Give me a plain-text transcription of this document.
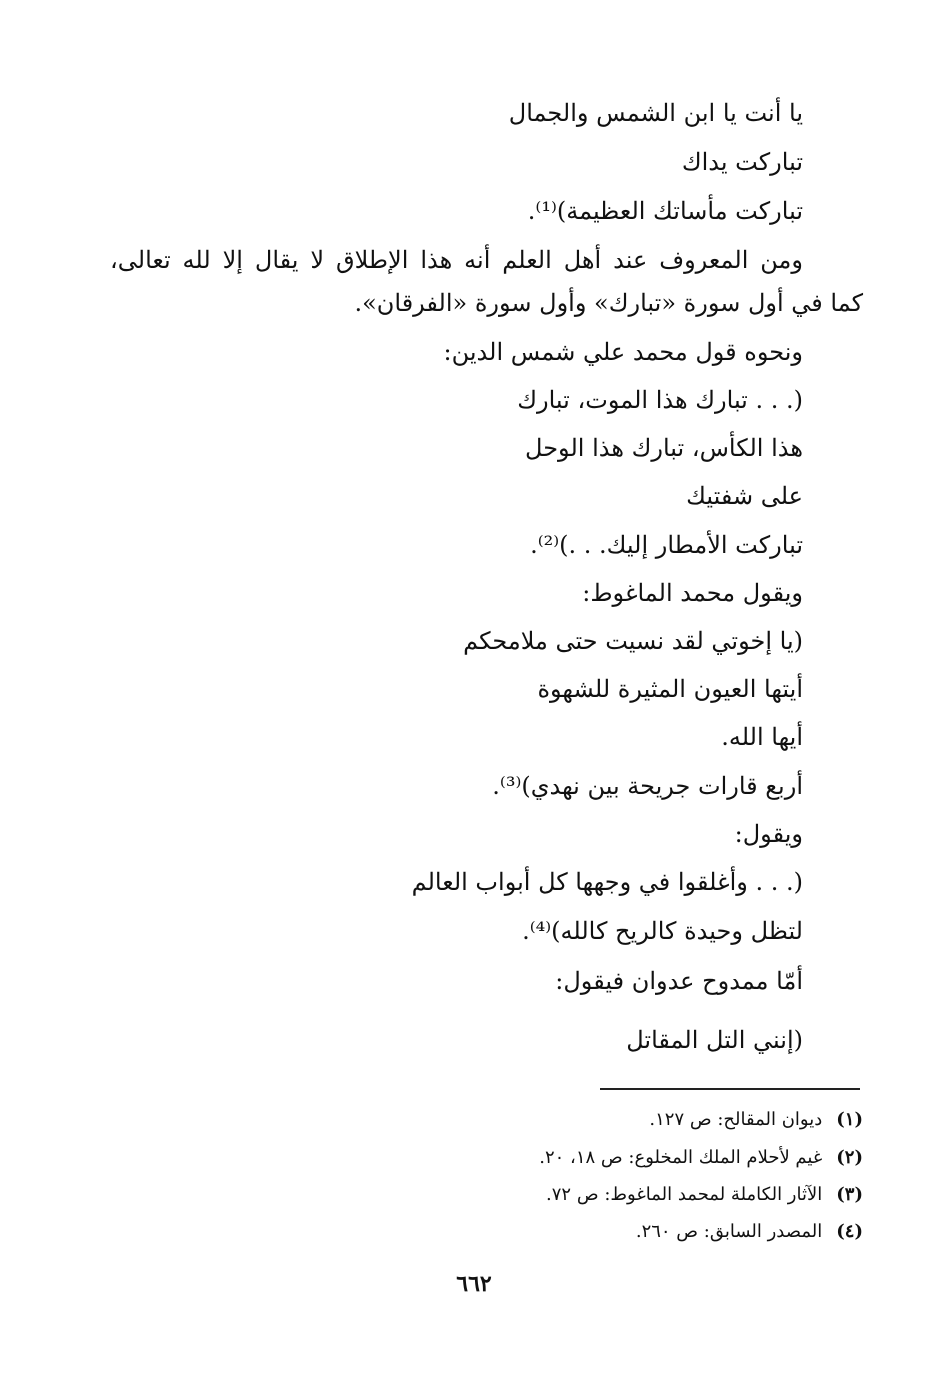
يا أنت يا ابن الشمس والجمال
تباركت يداك
تباركت مأساتك العظيمة)⁽¹⁾.
ومن المعروف عند أهل العلم أنه هذا الإطلاق لا يقال إلا لله تعالى،
كما في أول سورة «تبارك» وأول سورة «الفرقان».
ونحوه قول محمد علي شمس الدين:
(. . . تبارك هذا الموت، تبارك
هذا الكأس، تبارك هذا الوحل
على شفتيك
تباركت الأمطار إليك. . .)⁽²⁾.
ويقول محمد الماغوط:
(يا إخوتي لقد نسيت حتى ملامحكم
أيتها العيون المثيرة للشهوة
أيها الله.
أربع قارات جريحة بين نهدي)⁽³⁾.
ويقول:
(. . . وأغلقوا في وجهها كل أبواب العالم
لتظل وحيدة كالريح كالله)⁽⁴⁾.
أمّا ممدوح عدوان فيقول:
(إنني التل المقاتل
(١)ديوان المقالح: ص ١٢٧.
(٢)غيم لأحلام الملك المخلوع: ص ١٨، ٢٠.
(٣)الآثار الكاملة لمحمد الماغوط: ص ٧٢.
(٤)المصدر السابق: ص ٢٦٠.
٦٦٢
